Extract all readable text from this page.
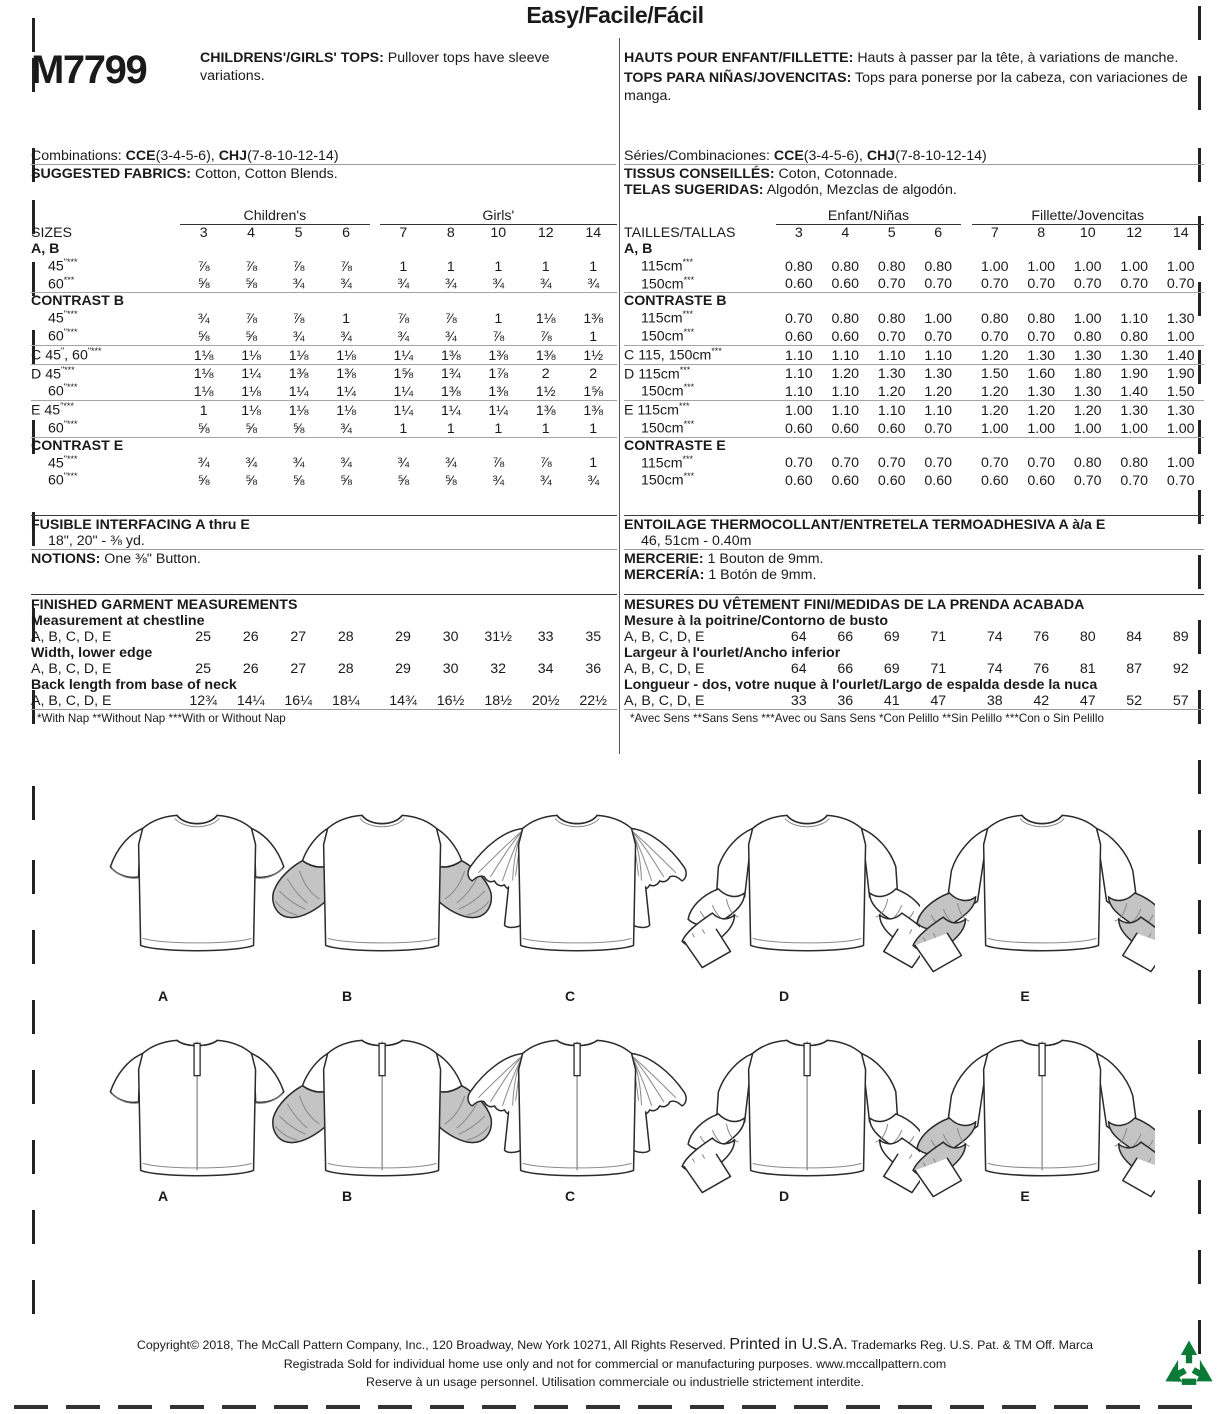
Easy/Facile/Fácil
M7799	CHILDRENS'/GIRLS' TOPS: Pullover tops have sleeve variations.
HAUTS POUR ENFANT/FILLETTE: Hauts à passer par la tête, à variations de manche.
TOPS PARA NIÑAS/JOVENCITAS: Tops para ponerse por la cabeza, con variaciones de manga.
Combinations: CCE(3-4-5-6), CHJ(7-8-10-12-14)
SUGGESTED FABRICS: Cotton, Cotton Blends.
Séries/Combinaciones: CCE(3-4-5-6), CHJ(7-8-10-12-14)
TISSUS CONSEILLÉS: Coton, Cotonnade.
TELAS SUGERIDAS: Algodón, Mezclas de algodón.
	Children's					Girls'				
SIZES	3	4	5	6		7	8	10	12	14
A, B										
45"***	⅞	⅞	⅞	⅞		1	1	1	1	1
60***	⅝	⅝	¾	¾		¾	¾	¾	¾	¾
CONTRAST B										
45"***	¾	⅞	⅞	1		⅞	⅞	1	1⅛	1⅜
60"***	⅝	⅝	¾	¾		¾	¾	⅞	⅞	1
C 45", 60"***	1⅛	1⅛	1⅛	1⅛		1¼	1⅜	1⅜	1⅜	1½
D 45"***	1⅛	1¼	1⅜	1⅜		1⅝	1¾	1⅞	2	2
60"***	1⅛	1⅛	1¼	1¼		1¼	1⅜	1⅜	1½	1⅝
E 45"***	1	1⅛	1⅛	1⅛		1¼	1¼	1¼	1⅜	1⅜
60"***	⅝	⅝	⅝	¾		1	1	1	1	1
CONTRAST E										
45"***	¾	¾	¾	¾		¾	¾	⅞	⅞	1
60"***	⅝	⅝	⅝	⅝		⅝	⅝	¾	¾	¾
	Enfant/Niñas					Fillette/Jovencitas				
TAILLES/TALLAS	3	4	5	6		7	8	10	12	14
A, B										
115cm***	0.80	0.80	0.80	0.80		1.00	1.00	1.00	1.00	1.00
150cm***	0.60	0.60	0.70	0.70		0.70	0.70	0.70	0.70	0.70
CONTRASTE B										
115cm***	0.70	0.80	0.80	1.00		0.80	0.80	1.00	1.10	1.30
150cm***	0.60	0.60	0.70	0.70		0.70	0.70	0.80	0.80	1.00
C 115, 150cm***	1.10	1.10	1.10	1.10		1.20	1.30	1.30	1.30	1.40
D 115cm***	1.10	1.20	1.30	1.30		1.50	1.60	1.80	1.90	1.90
150cm***	1.10	1.10	1.20	1.20		1.20	1.30	1.30	1.40	1.50
E 115cm***	1.00	1.10	1.10	1.10		1.20	1.20	1.20	1.30	1.30
150cm***	0.60	0.60	0.60	0.70		1.00	1.00	1.00	1.00	1.00
CONTRASTE E										
115cm***	0.70	0.70	0.70	0.70		0.70	0.70	0.80	0.80	1.00
150cm***	0.60	0.60	0.60	0.60		0.60	0.60	0.70	0.70	0.70
FUSIBLE INTERFACING A thru E
18", 20" - ⅜ yd.
NOTIONS: One ⅜" Button.
ENTOILAGE THERMOCOLLANT/ENTRETELA TERMOADHESIVA A à/a E
46, 51cm - 0.40m
MERCERIE: 1 Bouton de 9mm.
MERCERÍA: 1 Botón de 9mm.
FINISHED GARMENT MEASUREMENTS
Measurement at chestline										
A, B, C, D, E	25	26	27	28		29	30	31½	33	35
Width, lower edge										
A, B, C, D, E	25	26	27	28		29	30	32	34	36
Back length from base of neck										
A, B, C, D, E	12¾	14¼	16¼	18¼		14¾	16½	18½	20½	22½
*With Nap **Without Nap ***With or Without Nap
MESURES DU VÊTEMENT FINI/MEDIDAS DE LA PRENDA ACABADA
Mesure à la poitrine/Contorno de busto										
A, B, C, D, E	64	66	69	71		74	76	80	84	89
Largeur à l'ourlet/Ancho inferior										
A, B, C, D, E	64	66	69	71		74	76	81	87	92
Longueur - dos, votre nuque à l'ourlet/Largo de espalda desde la nuca										
A, B, C, D, E	33	36	41	47		38	42	47	52	57
*Avec Sens **Sans Sens ***Avec ou Sans Sens *Con Pelillo **Sin Pelillo ***Con o Sin Pelillo
A	B	C	D	E
A	B	C	D	E
Copyright© 2018, The McCall Pattern Company, Inc., 120 Broadway, New York 10271, All Rights Reserved. Printed in U.S.A. Trademarks Reg. U.S. Pat. & TM Off. Marca
Registrada Sold for individual home use only and not for commercial or manufacturing purposes. www.mccallpattern.com
Reserve à un usage personnel. Utilisation commerciale ou industrielle strictement interdite.
